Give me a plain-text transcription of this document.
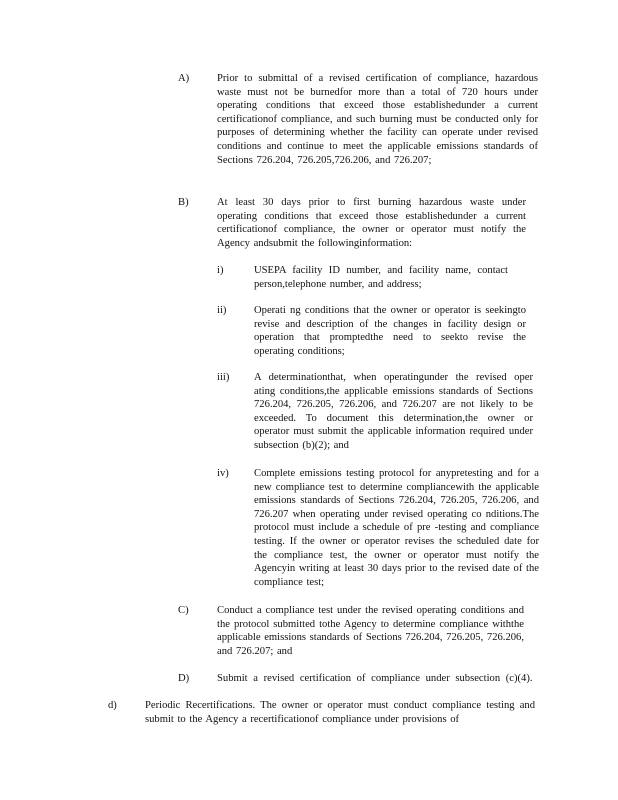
A)	Prior to submittal of a revised certification of compliance, hazardous waste must not be burnedfor more than a total of 720 hours under operating conditions that exceed those establishedunder a current certificationof compliance, and such burning must be conducted only for purposes of determining whether the facility can operate under revised conditions and continue to meet the applicable emissions standards of Sections 726.204, 726.205,726.206, and 726.207;
B)	At least 30 days prior to first burning hazardous waste under operating conditions that exceed those establishedunder a current certificationof compliance, the owner or operator must notify the Agency andsubmit the followinginformation:
i)	USEPA facility ID number, and facility name, contact person,telephone number, and address;
ii)	Operati ng conditions that the owner or operator is seekingto revise and description of the changes in facility design or operation that promptedthe need to seekto revise the operating conditions;
iii) A determinationthat, when operatingunder the revised oper ating conditions,the applicable emissions standards of Sections 726.204, 726.205, 726.206, and 726.207 are not likely to be exceeded. To document this determination,the owner or operator must submit the applicable information required under subsection (b)(2); and
iv) Complete emissions testing protocol for anypretesting and for a new compliance test to determine compliancewith the applicable emissions standards of Sections 726.204, 726.205, 726.206, and 726.207 when operating under revised operating co nditions.The protocol must include a schedule of pre -testing and compliance testing. If the owner or operator revises the scheduled date for the compliance test, the owner or operator must notify the Agencyin writing at least 30 days prior to the revised date of the compliance test;
C)	Conduct a compliance test under the revised operating conditions and the protocol submitted tothe Agency to determine compliance withthe applicable emissions standards of Sections 726.204, 726.205, 726.206, and 726.207; and
D)	Submit a revised certification of compliance under subsection (c)(4).
d)	Periodic Recertifications. The owner or operator must conduct compliance testing and submit to the Agency a recertificationof compliance under provisions of
